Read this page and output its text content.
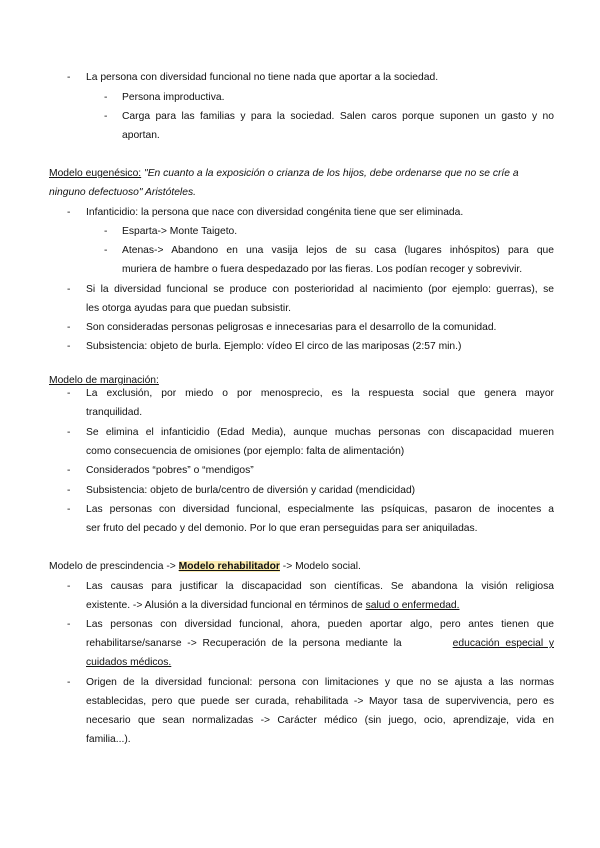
- La persona con diversidad funcional no tiene nada que aportar a la sociedad.
- Persona improductiva.
- Carga para las familias y para la sociedad. Salen caros porque suponen un gasto y no
aportan.
Modelo eugenésico: "En cuanto a la exposición o crianza de los hijos, debe ordenarse que no se críe a
ninguno defectuoso" Aristóteles.
- Infanticidio: la persona que nace con diversidad congénita tiene que ser eliminada.
- Esparta-> Monte Taigeto.
- Atenas-> Abandono en una vasija lejos de su casa (lugares inhóspitos) para que
muriera de hambre o fuera despedazado por las fieras. Los podían recoger y sobrevivir.
- Si la diversidad funcional se produce con posterioridad al nacimiento (por ejemplo: guerras), se
les otorga ayudas para que puedan subsistir.
- Son consideradas personas peligrosas e innecesarias para el desarrollo de la comunidad.
- Subsistencia: objeto de burla. Ejemplo: vídeo El circo de las mariposas (2:57 min.)
Modelo de marginación:
- La exclusión, por miedo o por menosprecio, es la respuesta social que genera mayor
tranquilidad.
- Se elimina el infanticidio (Edad Media), aunque muchas personas con discapacidad mueren
como consecuencia de omisiones (por ejemplo: falta de alimentación)
- Considerados “pobres” o “mendigos”
- Subsistencia: objeto de burla/centro de diversión y caridad (mendicidad)
- Las personas con diversidad funcional, especialmente las psíquicas, pasaron de inocentes a
ser fruto del pecado y del demonio. Por lo que eran perseguidas para ser aniquiladas.
Modelo de prescindencia -> Modelo rehabilitador -> Modelo social.
- Las causas para justificar la discapacidad son científicas. Se abandona la visión religiosa
existente. -> Alusión a la diversidad funcional en términos de salud o enfermedad.
- Las personas con diversidad funcional, ahora, pueden aportar algo, pero antes tienen que
rehabilitarse/sanarse  ->  Recuperación  de  la  persona  mediante  la	educación  especial  y
cuidados médicos.
- Origen de la diversidad funcional: persona con limitaciones y que no se ajusta a las normas
establecidas, pero que puede ser curada, rehabilitada -> Mayor tasa de supervivencia, pero es
necesario que sean normalizadas -> Carácter médico (sin juego, ocio, aprendizaje, vida en
familia...).
